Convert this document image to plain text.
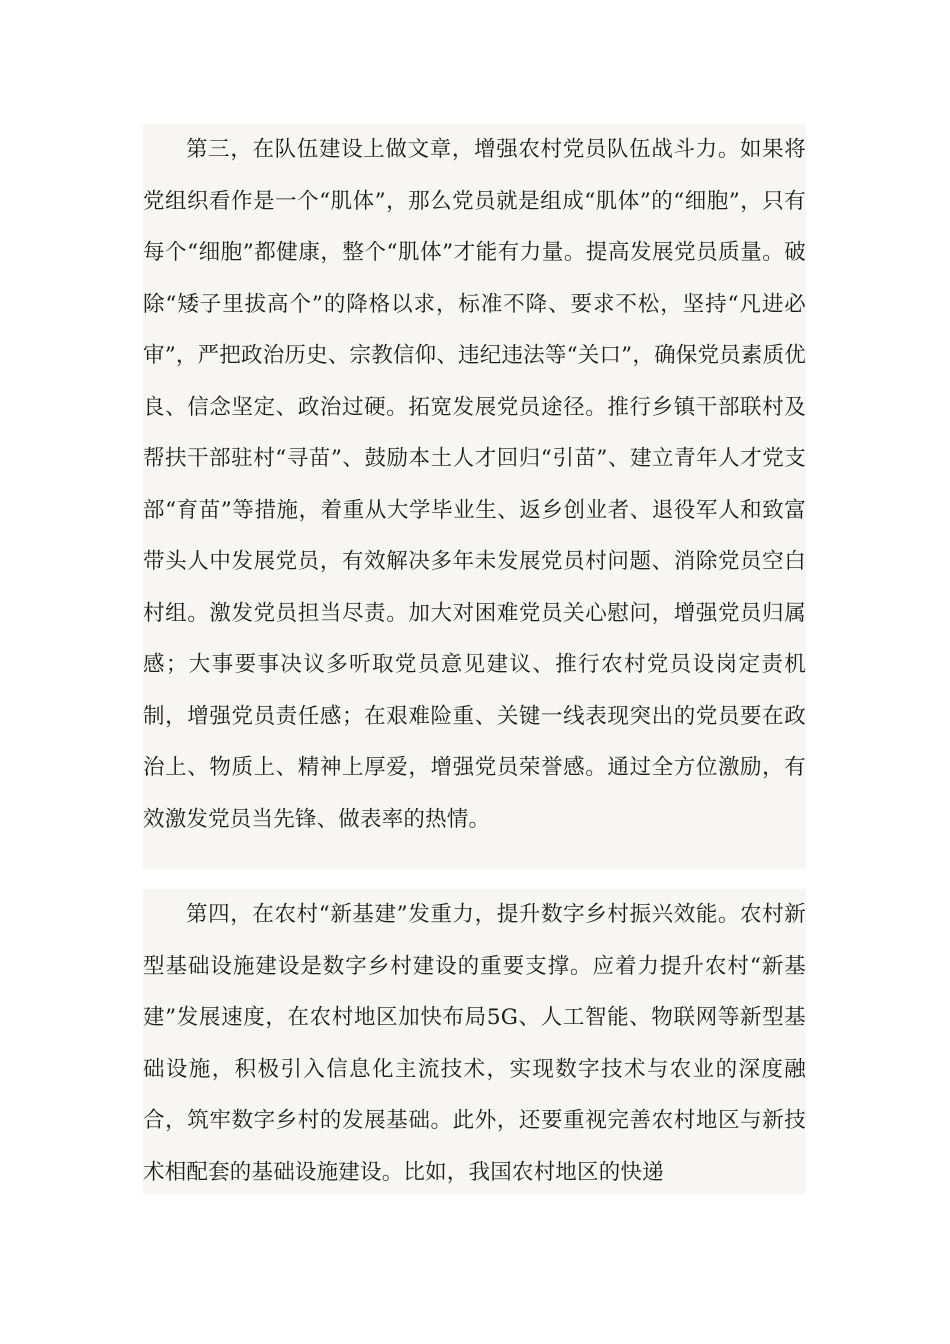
第三，在队伍建设上做文章，增强农村党员队伍战斗力。如果将党组织看作是一个“肌体”，那么党员就是组成“肌体”的“细胞”，只有每个“细胞”都健康，整个“肌体”才能有力量。提高发展党员质量。破除“矮子里拔高个”的降格以求，标准不降、要求不松，坚持“凡进必审”，严把政治历史、宗教信仰、违纪违法等“关口”，确保党员素质优良、信念坚定、政治过硬。拓宽发展党员途径。推行乡镇干部联村及帮扶干部驻村“寻苗”、鼓励本土人才回归“引苗”、建立青年人才党支部“育苗”等措施，着重从大学毕业生、返乡创业者、退役军人和致富带头人中发展党员，有效解决多年未发展党员村问题、消除党员空白村组。激发党员担当尽责。加大对困难党员关心慰问，增强党员归属感；大事要事决议多听取党员意见建议、推行农村党员设岗定责机制，增强党员责任感；在艰难险重、关键一线表现突出的党员要在政治上、物质上、精神上厚爱，增强党员荣誉感。通过全方位激励，有效激发党员当先锋、做表率的热情。

第四，在农村“新基建”发重力，提升数字乡村振兴效能。农村新型基础设施建设是数字乡村建设的重要支撑。应着力提升农村“新基建”发展速度，在农村地区加快布局5G、人工智能、物联网等新型基础设施，积极引入信息化主流技术，实现数字技术与农业的深度融合，筑牢数字乡村的发展基础。此外，还要重视完善农村地区与新技术相配套的基础设施建设。比如，我国农村地区的快递
